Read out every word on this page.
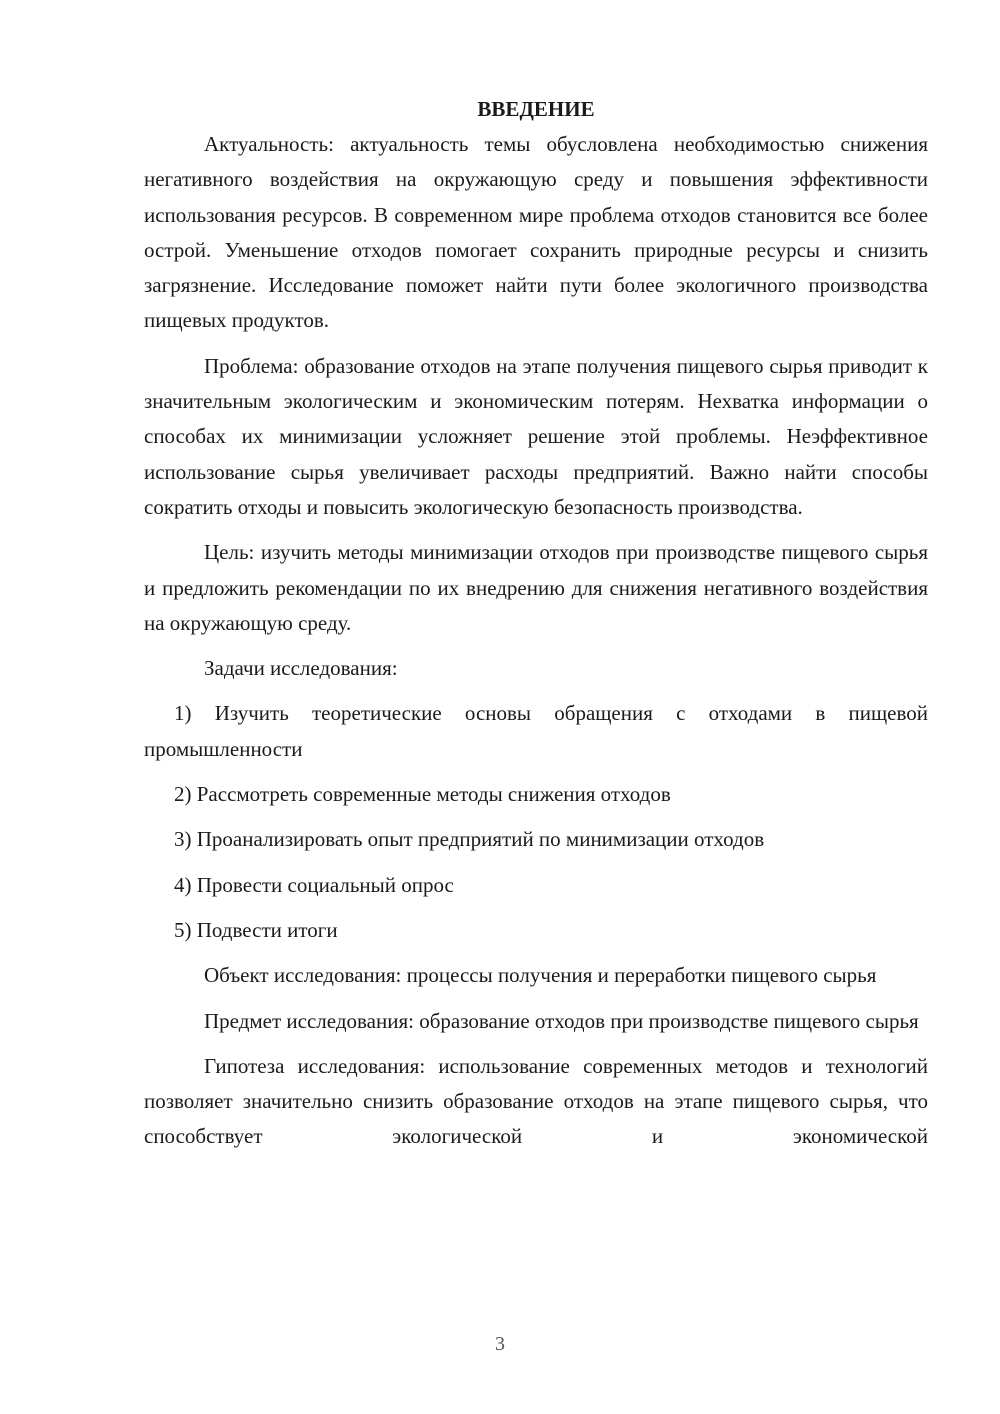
ВВЕДЕНИЕ

Актуальность: актуальность темы обусловлена необходимостью снижения негативного воздействия на окружающую среду и повышения эффективности использования ресурсов. В современном мире проблема отходов становится все более острой. Уменьшение отходов помогает сохранить природные ресурсы и снизить загрязнение. Исследование поможет найти пути более экологичного производства пищевых продуктов.

Проблема: образование отходов на этапе получения пищевого сырья приводит к значительным экологическим и экономическим потерям. Нехватка информации о способах их минимизации усложняет решение этой проблемы. Неэффективное использование сырья увеличивает расходы предприятий. Важно найти способы сократить отходы и повысить экологическую безопасность производства.

Цель: изучить методы минимизации отходов при производстве пищевого сырья и предложить рекомендации по их внедрению для снижения негативного воздействия на окружающую среду.

Задачи исследования:

1) Изучить теоретические основы обращения с отходами в пищевой промышленности

2) Рассмотреть современные методы снижения отходов

3) Проанализировать опыт предприятий по минимизации отходов

4) Провести социальный опрос

5) Подвести итоги

Объект исследования: процессы получения и переработки пищевого сырья

Предмет исследования: образование отходов при производстве пищевого сырья

Гипотеза исследования: использование современных методов и технологий позволяет значительно снизить образование отходов на этапе пищевого сырья, что способствует экологической и экономической

3
